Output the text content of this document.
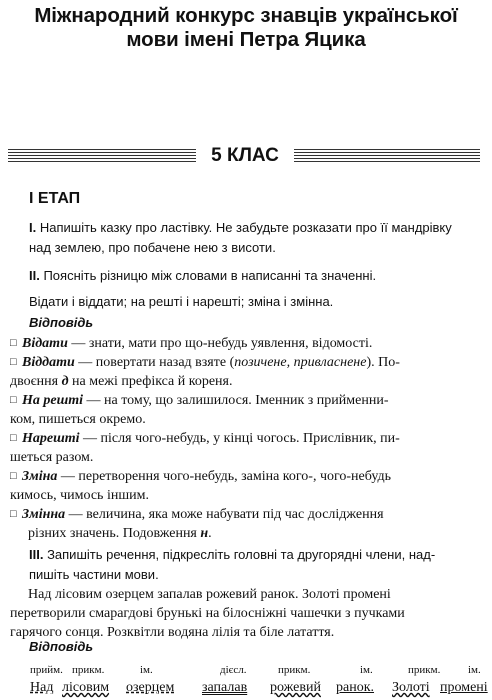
Міжнародний конкурс знавців української
мови імені Петра Яцика
5 КЛАС
І ЕТАП
І. Напишіть казку про ластівку. Не забудьте розказати про її мандрівку
над землею, про побачене нею з висоти.
ІІ. Поясніть різницю між словами в написанні та значенні.
Відати і віддати; на решті і нарешті; зміна і змінна.
Відповідь
□ Відати — знати, мати про що-небудь уявлення, відомості.
□ Віддати — повертати назад взяте (позичене, привласнене). По-
двоєння д на межі префікса й кореня.
□ На решті — на тому, що залишилося. Іменник з прийменни-
ком, пишеться окремо.
□ Нарешті — після чого-небудь, у кінці чогось. Прислівник, пи-
шеться разом.
□ Зміна — перетворення чого-небудь, заміна кого-, чого-небудь
кимось, чимось іншим.
□ Змінна — величина, яка може набувати під час дослідження
різних значень. Подовження н.
ІІІ. Запишіть речення, підкресліть головні та другорядні члени, над-
пишіть частини мови.
Над лісовим озерцем запалав рожевий ранок. Золоті промені
перетворили смарагдові брунькі на білосніжні чашечки з пучками
гарячого сонця. Розквітли водяна лілія та біле латаття.
Відповідь
прийм. прикм.	ім.	дієсл.	прикм.	ім.	прикм.	ім.
Над лісовим озерцем запалав рожевий ранок. Золоті промені
